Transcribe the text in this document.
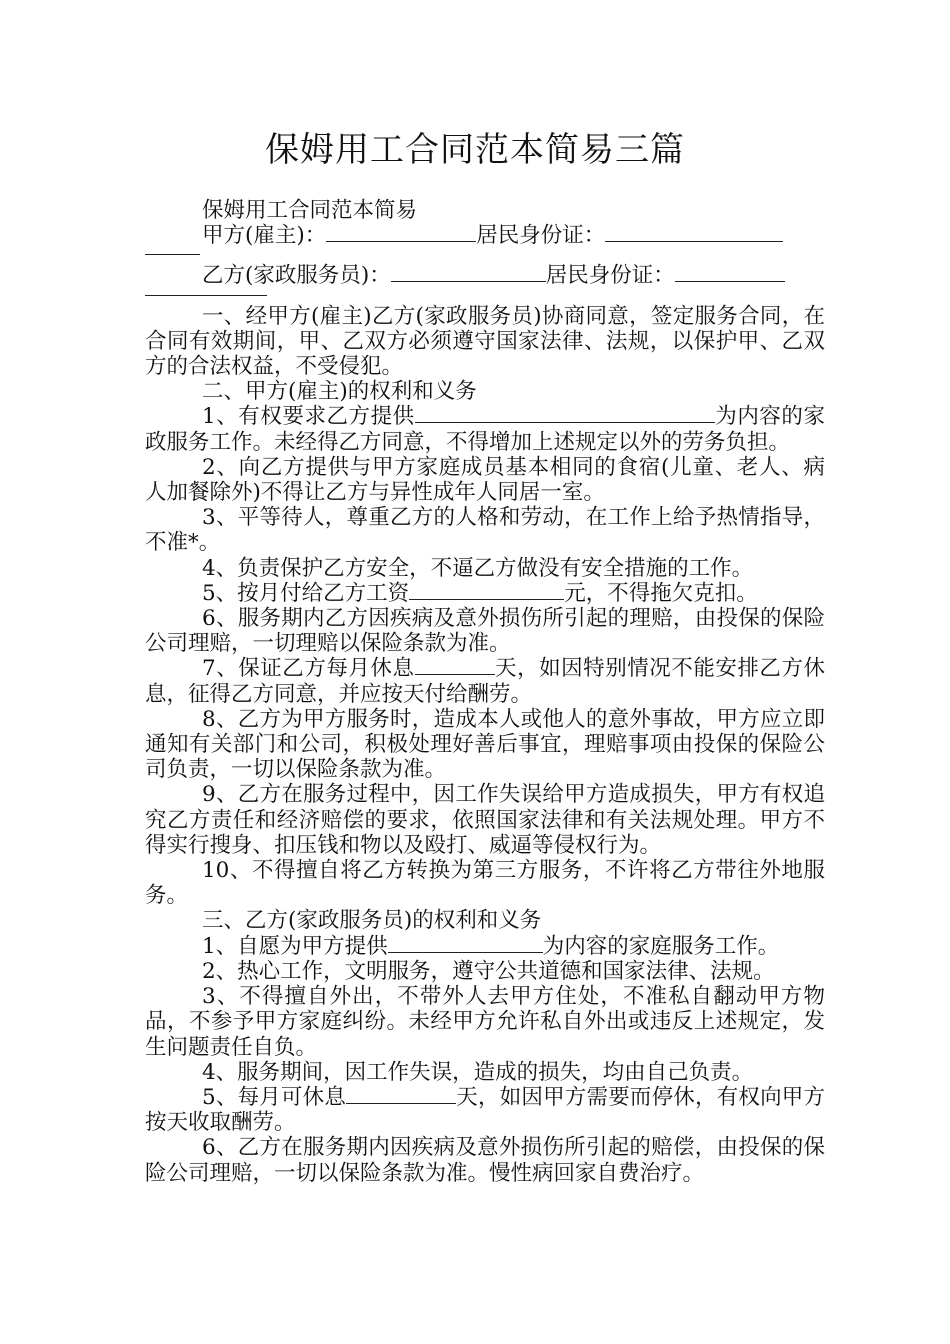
保姆用工合同范本简易三篇

保姆用工合同范本简易

甲方(雇主)：	居民身份证：

乙方(家政服务员)：	居民身份证：

一、经甲方(雇主)乙方(家政服务员)协商同意，签定服务合同，在合同有效期间，甲、乙双方必须遵守国家法律、法规，以保护甲、乙双方的合法权益，不受侵犯。

二、甲方(雇主)的权利和义务

1、有权要求乙方提供	为内容的家政服务工作。未经得乙方同意，不得增加上述规定以外的劳务负担。

2、向乙方提供与甲方家庭成员基本相同的食宿(儿童、老人、病人加餐除外)不得让乙方与异性成年人同居一室。

3、平等待人，尊重乙方的人格和劳动，在工作上给予热情指导，不准*。

4、负责保护乙方安全，不逼乙方做没有安全措施的工作。

5、按月付给乙方工资	元，不得拖欠克扣。

6、服务期内乙方因疾病及意外损伤所引起的理赔，由投保的保险公司理赔，一切理赔以保险条款为准。

7、保证乙方每月休息	天，如因特别情况不能安排乙方休息，征得乙方同意，并应按天付给酬劳。

8、乙方为甲方服务时，造成本人或他人的意外事故，甲方应立即通知有关部门和公司，积极处理好善后事宜，理赔事项由投保的保险公司负责，一切以保险条款为准。

9、乙方在服务过程中，因工作失误给甲方造成损失，甲方有权追究乙方责任和经济赔偿的要求，依照国家法律和有关法规处理。甲方不得实行搜身、扣压钱和物以及殴打、威逼等侵权行为。

10、不得擅自将乙方转换为第三方服务，不许将乙方带往外地服务。

三、乙方(家政服务员)的权利和义务

1、自愿为甲方提供	为内容的家庭服务工作。

2、热心工作，文明服务，遵守公共道德和国家法律、法规。

3、不得擅自外出，不带外人去甲方住处，不准私自翻动甲方物品，不参予甲方家庭纠纷。未经甲方允许私自外出或违反上述规定，发生问题责任自负。

4、服务期间，因工作失误，造成的损失，均由自己负责。

5、每月可休息	天，如因甲方需要而停休，有权向甲方按天收取酬劳。

6、乙方在服务期内因疾病及意外损伤所引起的赔偿，由投保的保险公司理赔，一切以保险条款为准。慢性病回家自费治疗。
